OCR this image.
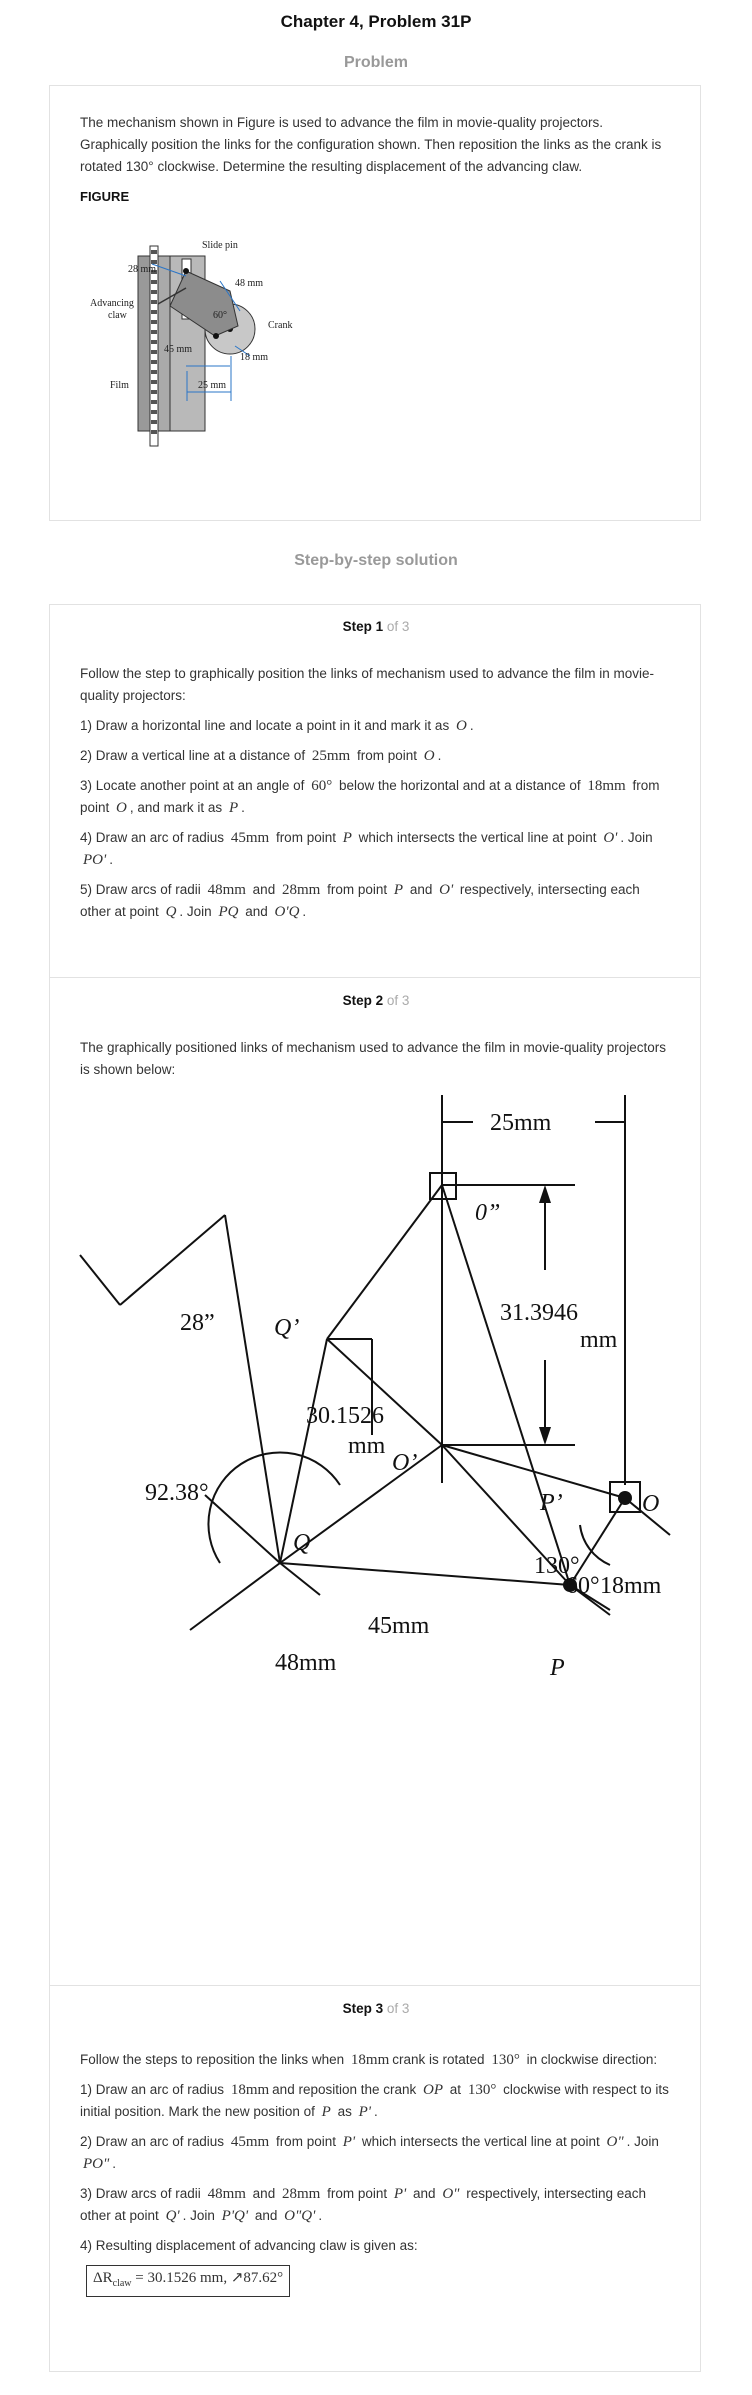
Chapter 4, Problem 31P
Problem

The mechanism shown in Figure is used to advance the film in movie-quality projectors. Graphically position the links for the configuration shown. Then reposition the links as the crank is rotated 130° clockwise. Determine the resulting displacement of the advancing claw.

FIGURE
Slide pin
28 mm
48 mm
60°
Advancing
claw
Crank
45 mm
18 mm
Film	25 mm
Step-by-step solution
Step 1 of 3

Follow the step to graphically position the links of mechanism used to advance the film in movie-quality projectors:

1) Draw a horizontal line and locate a point in it and mark it as O .

2) Draw a vertical line at a distance of 25mm from point O .

3) Locate another point at an angle of 60° below the horizontal and at a distance of 18mm from point O , and mark it as P .

4) Draw an arc of radius 45mm from point P which intersects the vertical line at point O' . Join PO' .

5) Draw arcs of radii 48mm and 28mm from point P and O' respectively, intersecting each other at point Q . Join PQ and O'Q .

Step 2 of 3

The graphically positioned links of mechanism used to advance the film in movie-quality projectors is shown below:

25mm
0”
31.3946
mm
28” Q’
30.1526
mm
O’
92.38°	P’
Q
130°
60°
O
45mm
18mm
48mm	P
Step 3 of 3

Follow the steps to reposition the links when 18mm crank is rotated 130° in clockwise direction:

1) Draw an arc of radius 18mm and reposition the crank OP at 130° clockwise with respect to its initial position. Mark the new position of P as P' .

2) Draw an arc of radius 45mm from point P' which intersects the vertical line at point O" . Join PO" .

3) Draw arcs of radii 48mm and 28mm from point P' and O" respectively, intersecting each other at point Q' . Join P'Q' and O"Q' .

4) Resulting displacement of advancing claw is given as:

$\Delta R_{claw} = 30.1526$ mm, ↗87.62°
